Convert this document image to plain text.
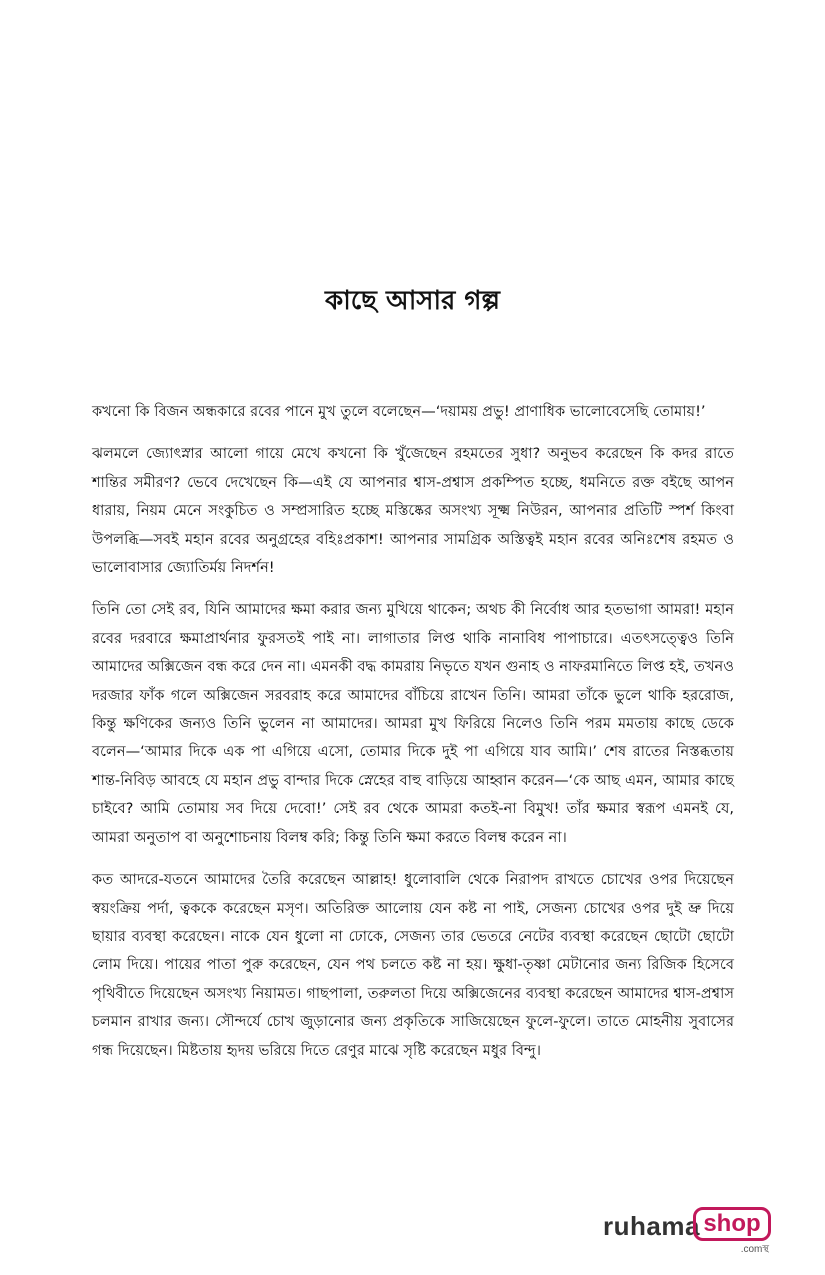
কাছে আসার গল্প

কখনো কি বিজন অন্ধকারে রবের পানে মুখ তুলে বলেছেন—‘দয়াময় প্রভু! প্রাণাধিক ভালোবেসেছি তোমায়!’

ঝলমলে জ্যোৎস্নার আলো গায়ে মেখে কখনো কি খুঁজেছেন রহমতের সুধা? অনুভব করেছেন কি কদর রাতে শান্তির সমীরণ? ভেবে দেখেছেন কি—এই যে আপনার শ্বাস-প্রশ্বাস প্রকম্পিত হচ্ছে, ধমনিতে রক্ত বইছে আপন ধারায়, নিয়ম মেনে সংকুচিত ও সম্প্রসারিত হচ্ছে মস্তিষ্কের অসংখ্য সূক্ষ্ম নিউরন, আপনার প্রতিটি স্পর্শ কিংবা উপলব্ধি—সবই মহান রবের অনুগ্রহের বহিঃপ্রকাশ! আপনার সামগ্রিক অস্তিত্বই মহান রবের অনিঃশেষ রহমত ও ভালোবাসার জ্যোতির্ময় নিদর্শন!

তিনি তো সেই রব, যিনি আমাদের ক্ষমা করার জন্য মুখিয়ে থাকেন; অথচ কী নির্বোধ আর হতভাগা আমরা! মহান রবের দরবারে ক্ষমাপ্রার্থনার ফুরসতই পাই না। লাগাতার লিপ্ত থাকি নানাবিধ পাপাচারে। এতৎসত্ত্বেও তিনি আমাদের অক্সিজেন বন্ধ করে দেন না। এমনকী বদ্ধ কামরায় নিভৃতে যখন গুনাহ ও নাফরমানিতে লিপ্ত হই, তখনও দরজার ফাঁক গলে অক্সিজেন সরবরাহ করে আমাদের বাঁচিয়ে রাখেন তিনি। আমরা তাঁকে ভুলে থাকি হররোজ, কিন্তু ক্ষণিকের জন্যও তিনি ভুলেন না আমাদের। আমরা মুখ ফিরিয়ে নিলেও তিনি পরম মমতায় কাছে ডেকে বলেন—‘আমার দিকে এক পা এগিয়ে এসো, তোমার দিকে দুই পা এগিয়ে যাব আমি।’ শেষ রাতের নিস্তব্ধতায় শান্ত-নিবিড় আবহে যে মহান প্রভু বান্দার দিকে স্নেহের বাহু বাড়িয়ে আহ্বান করেন—‘কে আছ এমন, আমার কাছে চাইবে? আমি তোমায় সব দিয়ে দেবো!’ সেই রব থেকে আমরা কতই-না বিমুখ! তাঁর ক্ষমার স্বরূপ এমনই যে, আমরা অনুতাপ বা অনুশোচনায় বিলম্ব করি; কিন্তু তিনি ক্ষমা করতে বিলম্ব করেন না।

কত আদরে-যতনে আমাদের তৈরি করেছেন আল্লাহ! ধুলোবালি থেকে নিরাপদ রাখতে চোখের ওপর দিয়েছেন স্বয়ংক্রিয় পর্দা, ত্বককে করেছেন মসৃণ। অতিরিক্ত আলোয় যেন কষ্ট না পাই, সেজন্য চোখের ওপর দুই ভ্রু দিয়ে ছায়ার ব্যবস্থা করেছেন। নাকে যেন ধুলো না ঢোকে, সেজন্য তার ভেতরে নেটের ব্যবস্থা করেছেন ছোটো ছোটো লোম দিয়ে। পায়ের পাতা পুরু করেছেন, যেন পথ চলতে কষ্ট না হয়। ক্ষুধা-তৃষ্ণা মেটানোর জন্য রিজিক হিসেবে পৃথিবীতে দিয়েছেন অসংখ্য নিয়ামত। গাছপালা, তরুলতা দিয়ে অক্সিজেনের ব্যবস্থা করেছেন আমাদের শ্বাস-প্রশ্বাস চলমান রাখার জন্য। সৌন্দর্যে চোখ জুড়ানোর জন্য প্রকৃতিকে সাজিয়েছেন ফুলে-ফুলে। তাতে মোহনীয় সুবাসের গন্ধ দিয়েছেন। মিষ্টতায় হৃদয় ভরিয়ে দিতে রেণুর মাঝে সৃষ্টি করেছেন মধুর বিন্দু।

ruhama shop
.comস্থ
